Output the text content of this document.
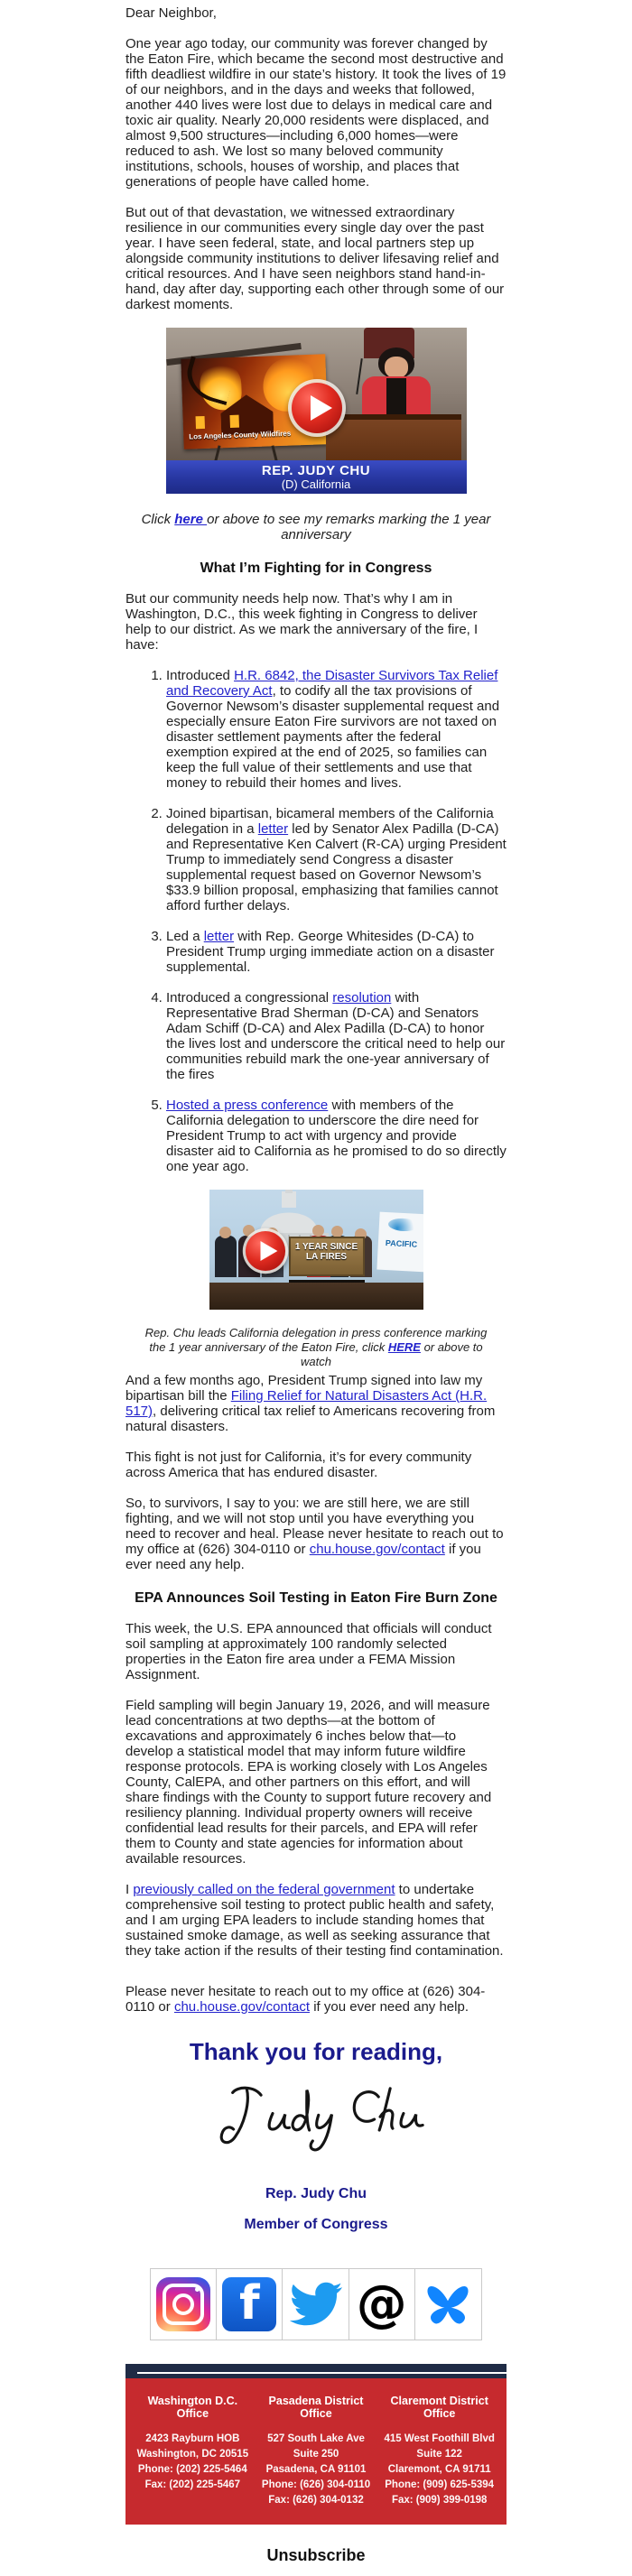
Dear Neighbor,

One year ago today, our community was forever changed by the Eaton Fire, which became the second most destructive and fifth deadliest wildfire in our state’s history. It took the lives of 19 of our neighbors, and in the days and weeks that followed, another 440 lives were lost due to delays in medical care and toxic air quality. Nearly 20,000 residents were displaced, and almost 9,500 structures—including 6,000 homes—were reduced to ash. We lost so many beloved community institutions, schools, houses of worship, and places that generations of people have called home.

But out of that devastation, we witnessed extraordinary resilience in our communities every single day over the past year. I have seen federal, state, and local partners step up alongside community institutions to deliver lifesaving relief and critical resources. And I have seen neighbors stand hand-in-hand, day after day, supporting each other through some of our darkest moments.

Los Angeles County Wildfires
REP. JUDY CHU
(D) California

Click here or above to see my remarks marking the 1 year anniversary

What I’m Fighting for in Congress

But our community needs help now. That’s why I am in Washington, D.C., this week fighting in Congress to deliver help to our district. As we mark the anniversary of the fire, I have:

1. Introduced H.R. 6842, the Disaster Survivors Tax Relief and Recovery Act, to codify all the tax provisions of Governor Newsom’s disaster supplemental request and especially ensure Eaton Fire survivors are not taxed on disaster settlement payments after the federal exemption expired at the end of 2025, so families can keep the full value of their settlements and use that money to rebuild their homes and lives.
2. Joined bipartisan, bicameral members of the California delegation in a letter led by Senator Alex Padilla (D-CA) and Representative Ken Calvert (R-CA) urging President Trump to immediately send Congress a disaster supplemental request based on Governor Newsom’s $33.9 billion proposal, emphasizing that families cannot afford further delays.
3. Led a letter with Rep. George Whitesides (D-CA) to President Trump urging immediate action on a disaster supplemental.
4. Introduced a congressional resolution with Representative Brad Sherman (D-CA) and Senators Adam Schiff (D-CA) and Alex Padilla (D-CA) to honor the lives lost and underscore the critical need to help our communities rebuild mark the one-year anniversary of the fires
5. Hosted a press conference with members of the California delegation to underscore the dire need for President Trump to act with urgency and provide disaster aid to California as he promised to do so directly one year ago.
1 YEAR SINCE
LA FIRES
PACIFIC

Rep. Chu leads California delegation in press conference marking the 1 year anniversary of the Eaton Fire, click HERE or above to watch

And a few months ago, President Trump signed into law my bipartisan bill the Filing Relief for Natural Disasters Act (H.R. 517), delivering critical tax relief to Americans recovering from natural disasters.

This fight is not just for California, it’s for every community across America that has endured disaster.

So, to survivors, I say to you: we are still here, we are still fighting, and we will not stop until you have everything you need to recover and heal. Please never hesitate to reach out to my office at (626) 304-0110 or chu.house.gov/contact if you ever need any help.

EPA Announces Soil Testing in Eaton Fire Burn Zone

This week, the U.S. EPA announced that officials will conduct soil sampling at approximately 100 randomly selected properties in the Eaton fire area under a FEMA Mission Assignment.

Field sampling will begin January 19, 2026, and will measure lead concentrations at two depths—at the bottom of excavations and approximately 6 inches below that—to develop a statistical model that may inform future wildfire response protocols. EPA is working closely with Los Angeles County, CalEPA, and other partners on this effort, and will share findings with the County to support future recovery and resiliency planning. Individual property owners will receive confidential lead results for their parcels, and EPA will refer them to County and state agencies for information about available resources.

I previously called on the federal government to undertake comprehensive soil testing to protect public health and safety, and I am urging EPA leaders to include standing homes that sustained smoke damage, as well as seeking assurance that they take action if the results of their testing find contamination.

Please never hesitate to reach out to my office at (626) 304-0110 or chu.house.gov/contact if you ever need any help.

Thank you for reading,
Rep. Judy Chu
Member of Congress
f	@
Washington D.C. Office
2423 Rayburn HOB
Washington, DC 20515
Phone: (202) 225-5464
Fax: (202) 225-5467
Pasadena District Office
527 South Lake Ave
Suite 250
Pasadena, CA 91101
Phone: (626) 304-0110
Fax: (626) 304-0132
Claremont District Office
415 West Foothill Blvd
Suite 122
Claremont, CA 91711
Phone: (909) 625-5394
Fax: (909) 399-0198
Unsubscribe
